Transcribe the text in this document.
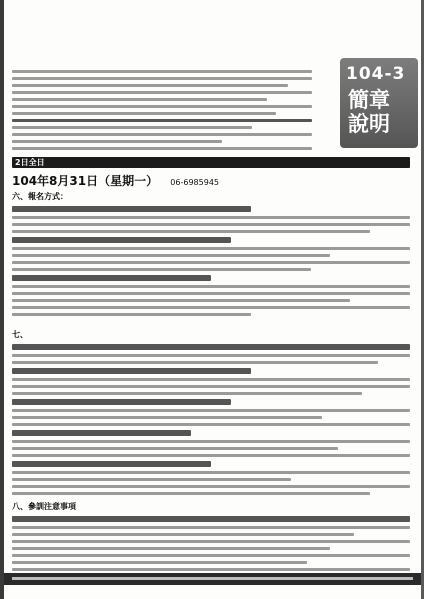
104-3
簡章說明
2日全日
104年8月31日（星期一） 06-6985945
六、報名方式：
七、
八、參訓注意事項
